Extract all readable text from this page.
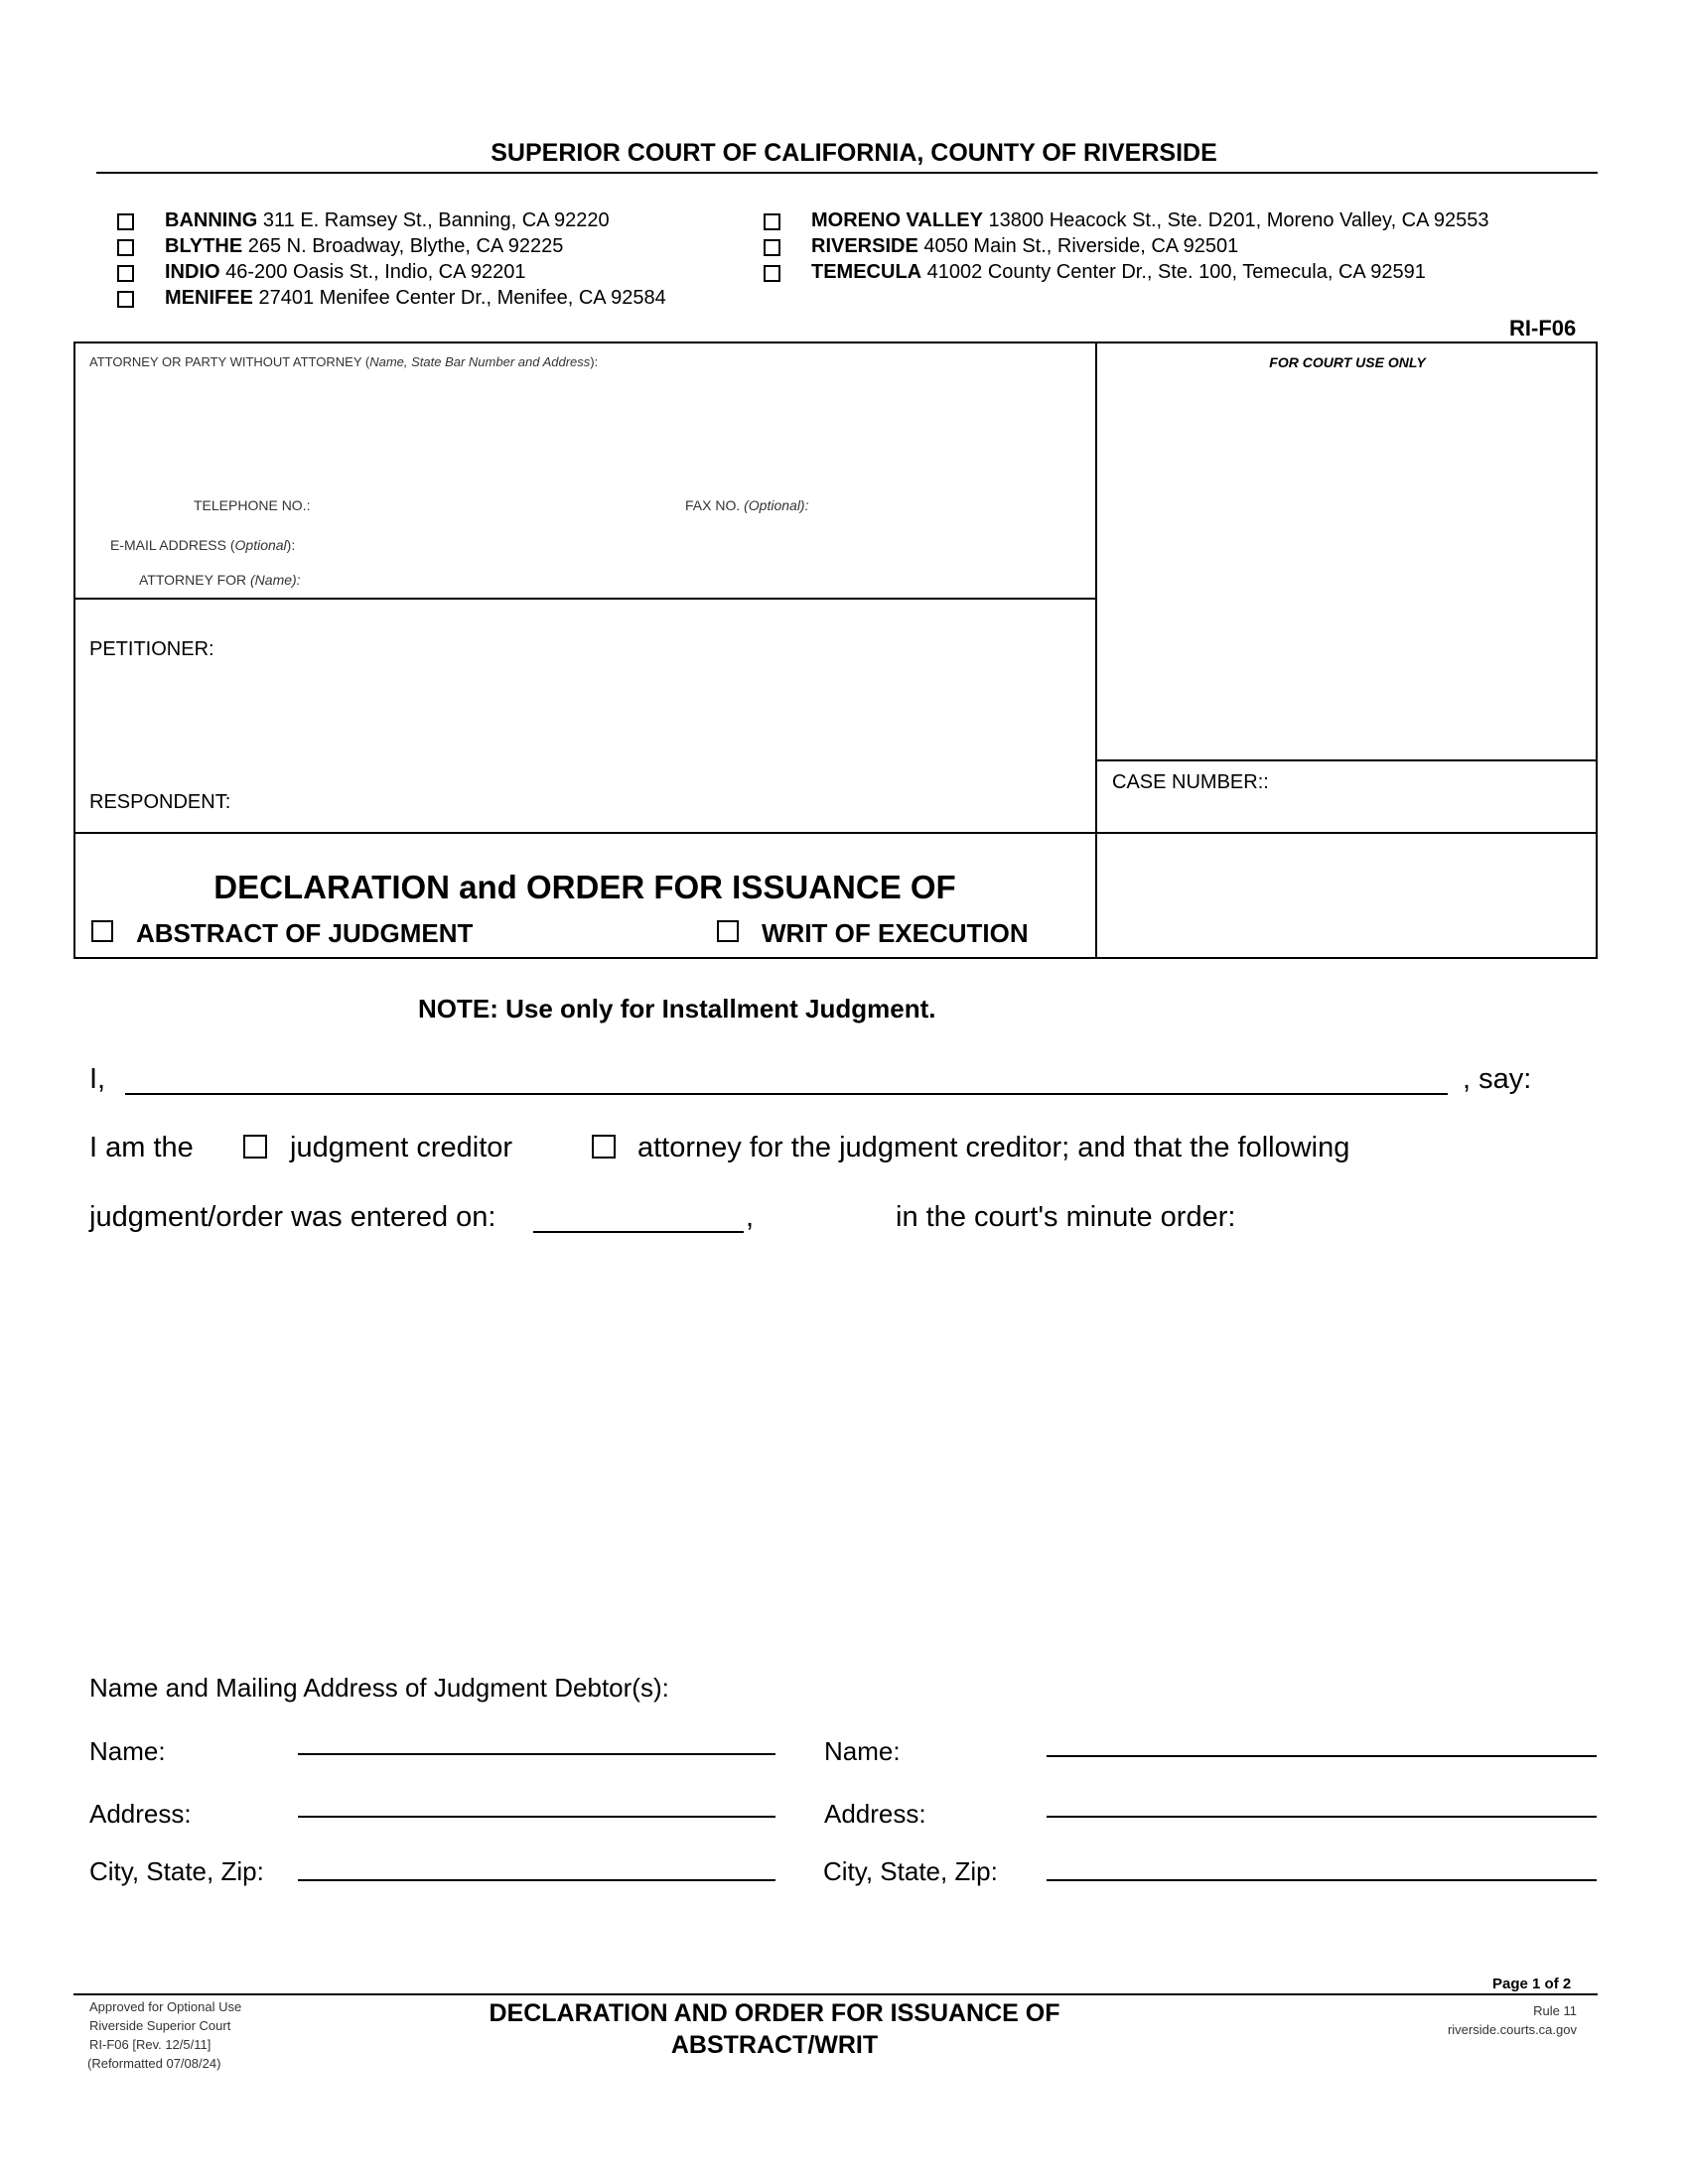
SUPERIOR COURT OF CALIFORNIA, COUNTY OF RIVERSIDE
BANNING 311 E. Ramsey St., Banning, CA 92220
BLYTHE 265 N. Broadway, Blythe, CA 92225
INDIO 46-200 Oasis St., Indio, CA 92201
MENIFEE 27401 Menifee Center Dr., Menifee, CA 92584
MORENO VALLEY 13800 Heacock St., Ste. D201, Moreno Valley, CA 92553
RIVERSIDE 4050 Main St., Riverside, CA 92501
TEMECULA 41002 County Center Dr., Ste. 100, Temecula, CA 92591
RI-F06
ATTORNEY OR PARTY WITHOUT ATTORNEY (Name, State Bar Number and Address):
TELEPHONE NO.:	FAX NO. (Optional):
E-MAIL ADDRESS (Optional):
ATTORNEY FOR (Name):
FOR COURT USE ONLY
PETITIONER:
RESPONDENT:
CASE NUMBER::
DECLARATION and ORDER FOR ISSUANCE OF
ABSTRACT OF JUDGMENT	WRIT OF EXECUTION
NOTE: Use only for Installment Judgment.
I,	, say:
I am the	judgment creditor	attorney for the judgment creditor; and that the following
judgment/order was entered on:	,	in the court's minute order:
Name and Mailing Address of Judgment Debtor(s):
Name:	Name:
Address:	Address:
City, State, Zip:	City, State, Zip:
Page 1 of 2
Approved for Optional Use
Riverside Superior Court
RI-F06 [Rev. 12/5/11]
(Reformatted 07/08/24)
DECLARATION AND ORDER FOR ISSUANCE OF
ABSTRACT/WRIT
Rule 11
riverside.courts.ca.gov
